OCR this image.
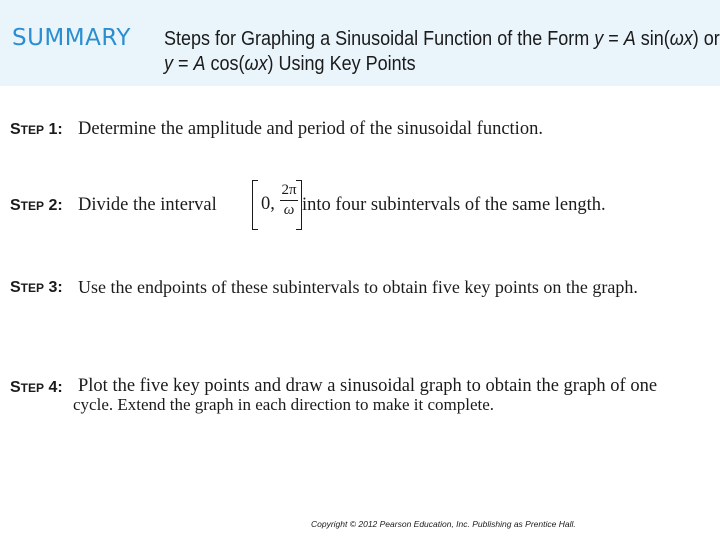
SUMMARY Steps for Graphing a Sinusoidal Function of the Form y = A sin(ωx) or
y = A cos(ωx) Using Key Points
STEP 1: Determine the amplitude and period of the sinusoidal function.
STEP 2: Divide the interval 0,
2π
ω into four subintervals of the same length.
STEP 3: Use the endpoints of these subintervals to obtain five key points on the graph.
STEP 4: Plot the five key points and draw a sinusoidal graph to obtain the graph of one
cycle. Extend the graph in each direction to make it complete.
Copyright © 2012 Pearson Education, Inc. Publishing as Prentice Hall.
